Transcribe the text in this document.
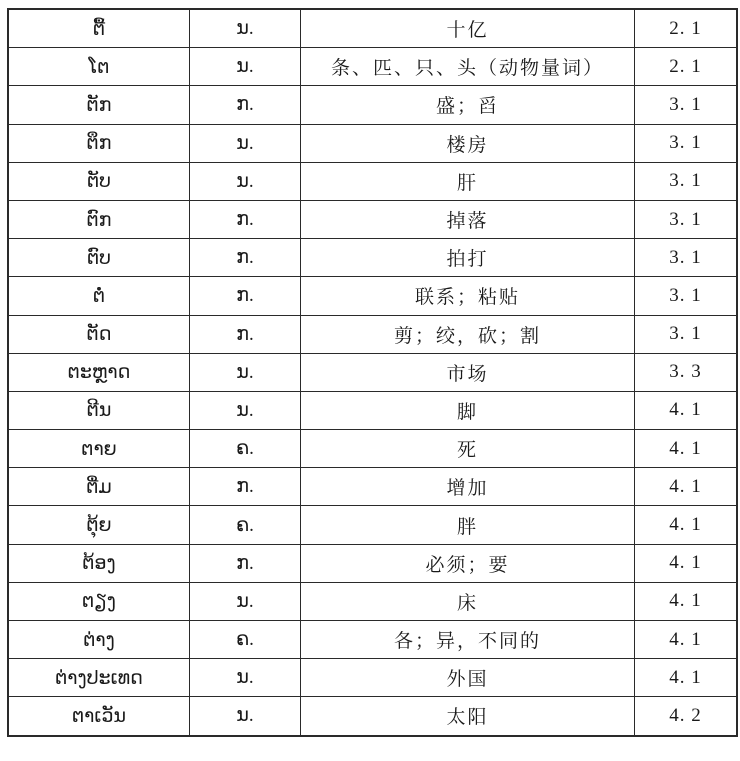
ຕື້	ນ.	十亿	2. 1
ໂຕ	ນ.	条、匹、只、头（动物量词）	2. 1
ຕັກ	ກ.	盛；舀	3. 1
ຕຶກ	ນ.	楼房	3. 1
ຕັບ	ນ.	肝	3. 1
ຕົກ	ກ.	掉落	3. 1
ຕົບ	ກ.	拍打	3. 1
ຕໍ່	ກ.	联系；粘贴	3. 1
ຕັດ	ກ.	剪；绞，砍；割	3. 1
ຕະຫຼາດ	ນ.	市场	3. 3
ຕີນ	ນ.	脚	4. 1
ຕາຍ	ຄ.	死	4. 1
ຕື່ມ	ກ.	增加	4. 1
ຕຸ້ຍ	ຄ.	胖	4. 1
ຕ້ອງ	ກ.	必须；要	4. 1
ຕຽງ	ນ.	床	4. 1
ຕ່າງ	ຄ.	各；异，不同的	4. 1
ຕ່າງປະເທດ	ນ.	外国	4. 1
ຕາເວັນ	ນ.	太阳	4. 2
